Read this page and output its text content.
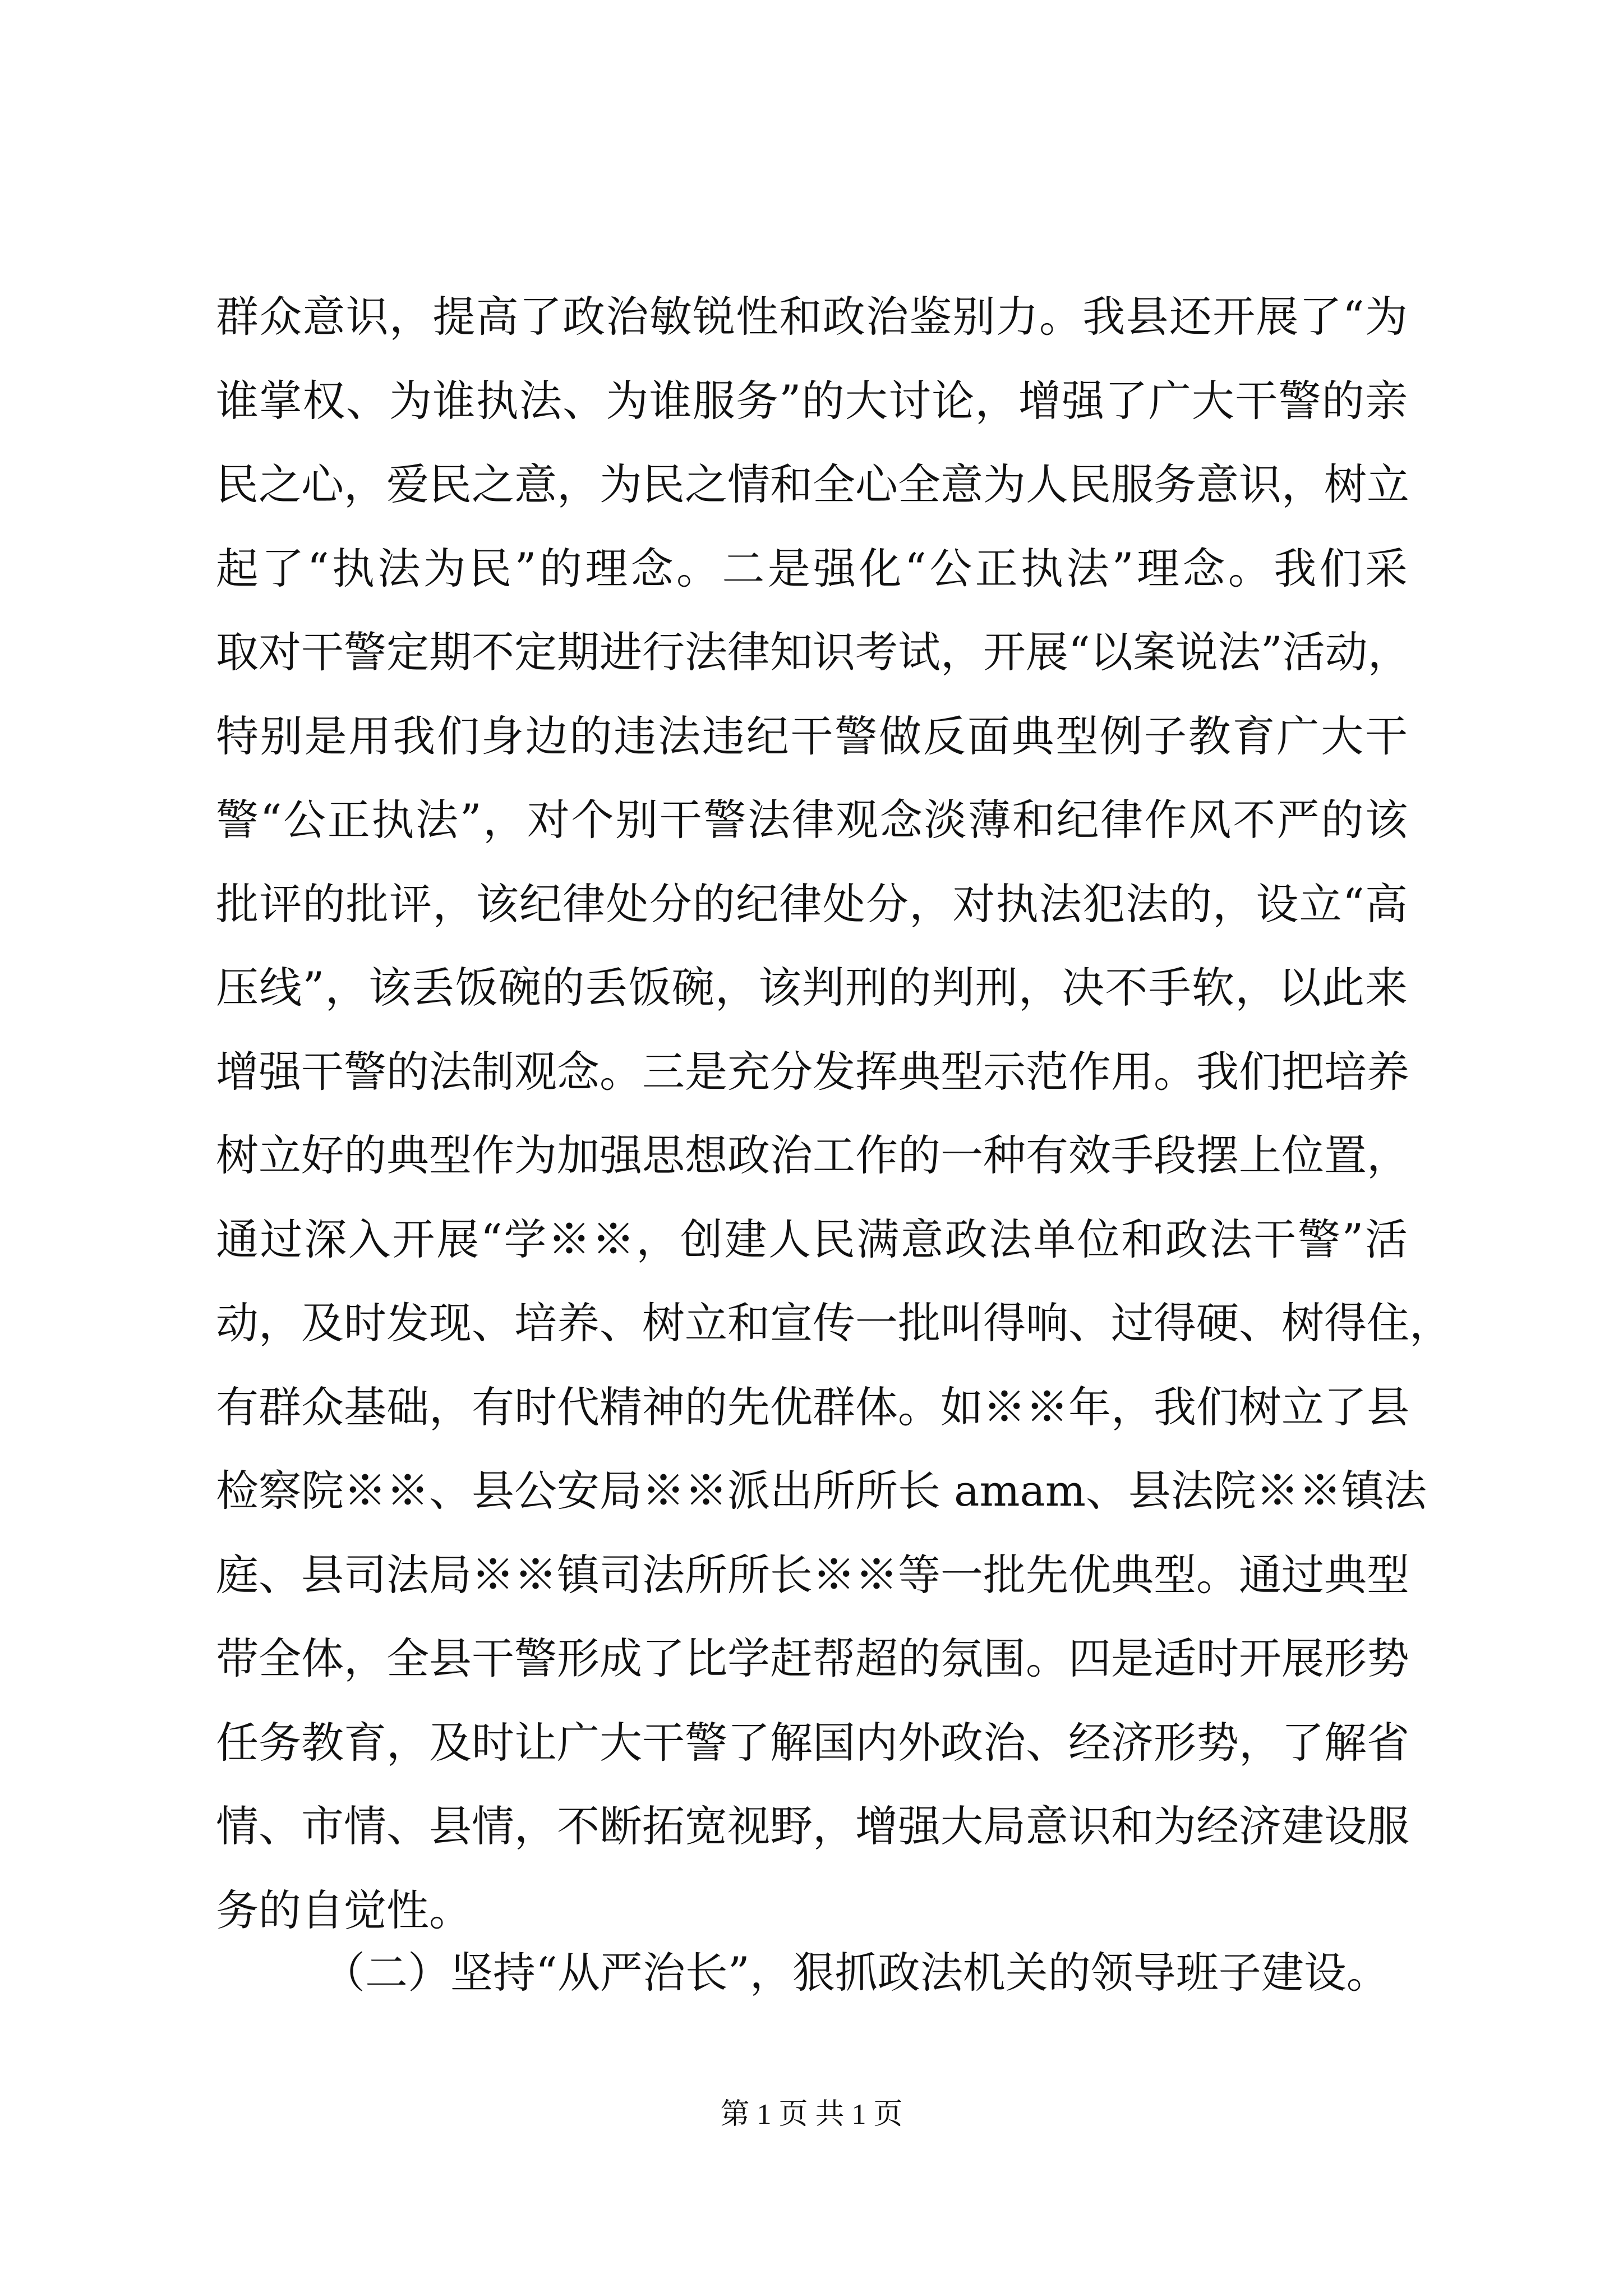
群众意识，提高了政治敏锐性和政治鉴别力。我县还开展了“为
谁掌权、为谁执法、为谁服务”的大讨论，增强了广大干警的亲
民之心，爱民之意，为民之情和全心全意为人民服务意识，树立
起了“执法为民”的理念。二是强化“公正执法”理念。我们采
取对干警定期不定期进行法律知识考试，开展“以案说法”活动，
特别是用我们身边的违法违纪干警做反面典型例子教育广大干
警“公正执法”，对个别干警法律观念淡薄和纪律作风不严的该
批评的批评，该纪律处分的纪律处分，对执法犯法的，设立“高
压线”，该丢饭碗的丢饭碗，该判刑的判刑，决不手软，以此来
增强干警的法制观念。三是充分发挥典型示范作用。我们把培养
树立好的典型作为加强思想政治工作的一种有效手段摆上位置，
通过深入开展“学※※，创建人民满意政法单位和政法干警”活
动，及时发现、培养、树立和宣传一批叫得响、过得硬、树得住，
有群众基础，有时代精神的先优群体。如※※年，我们树立了县
检察院※※、县公安局※※派出所所长 amam、县法院※※镇法
庭、县司法局※※镇司法所所长※※等一批先优典型。通过典型
带全体，全县干警形成了比学赶帮超的氛围。四是适时开展形势
任务教育，及时让广大干警了解国内外政治、经济形势，了解省
情、市情、县情，不断拓宽视野，增强大局意识和为经济建设服
务的自觉性。
（二）坚持“从严治长”，狠抓政法机关的领导班子建设。
第 1 页 共 1 页
